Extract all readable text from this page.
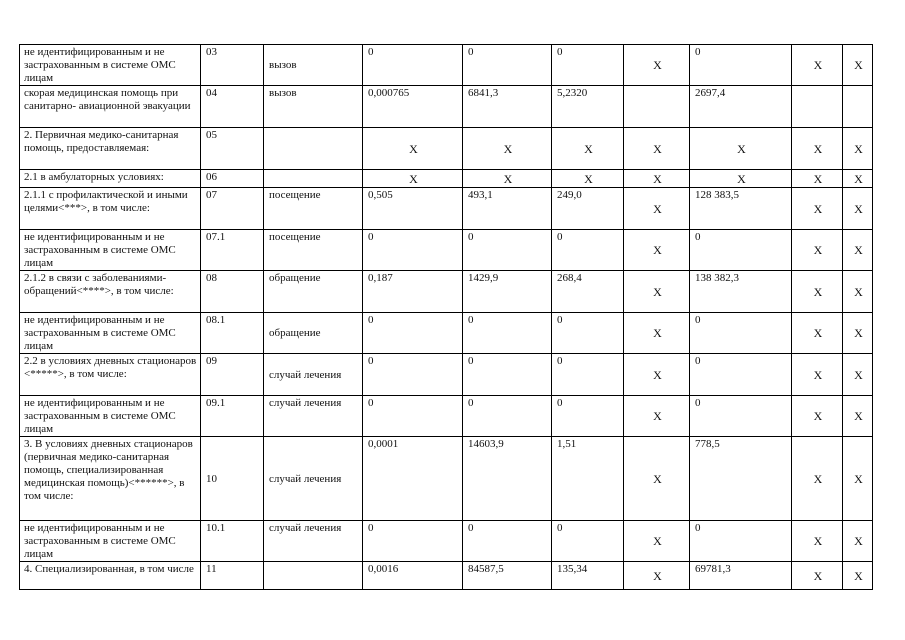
не идентифицированным и не застрахованным в системе ОМС лицам	03	вызов	0	0	0	Х	0	Х	Х
скорая медицинская помощь при санитарно- авиационной эвакуации	04	вызов	0,000765	6841,3	5,2320		2697,4		
2. Первичная медико-санитарная помощь, предоставляемая:	05		Х	Х	Х	Х	Х	Х	Х
2.1 в амбулаторных условиях:	06		Х	Х	Х	Х	Х	Х	Х
2.1.1 с профилактической и иными целями<***>, в том числе:	07	посещение	0,505	493,1	249,0	Х	128 383,5	Х	Х
не идентифицированным и не застрахованным в системе ОМС лицам	07.1	посещение	0	0	0	Х	0	Х	Х
2.1.2 в связи с заболеваниями-обращений<****>, в том числе:	08	обращение	0,187	1429,9	268,4	Х	138 382,3	Х	Х
не идентифицированным и не застрахованным в системе ОМС лицам	08.1	обращение	0	0	0	Х	0	Х	Х
2.2 в условиях дневных стационаров <*****>, в том числе:	09	случай лечения	0	0	0	Х	0	Х	Х
не идентифицированным и не застрахованным в системе ОМС лицам	09.1	случай лечения	0	0	0	Х	0	Х	Х
3. В условиях дневных стационаров (первичная медико-санитарная помощь, специализированная медицинская помощь)<******>, в том числе:	10	случай лечения	0,0001	14603,9	1,51	Х	778,5	Х	Х
не идентифицированным и не застрахованным в системе ОМС лицам	10.1	случай лечения	0	0	0	Х	0	Х	Х
4. Специализированная, в том числе	11		0,0016	84587,5	135,34	Х	69781,3	Х	Х
